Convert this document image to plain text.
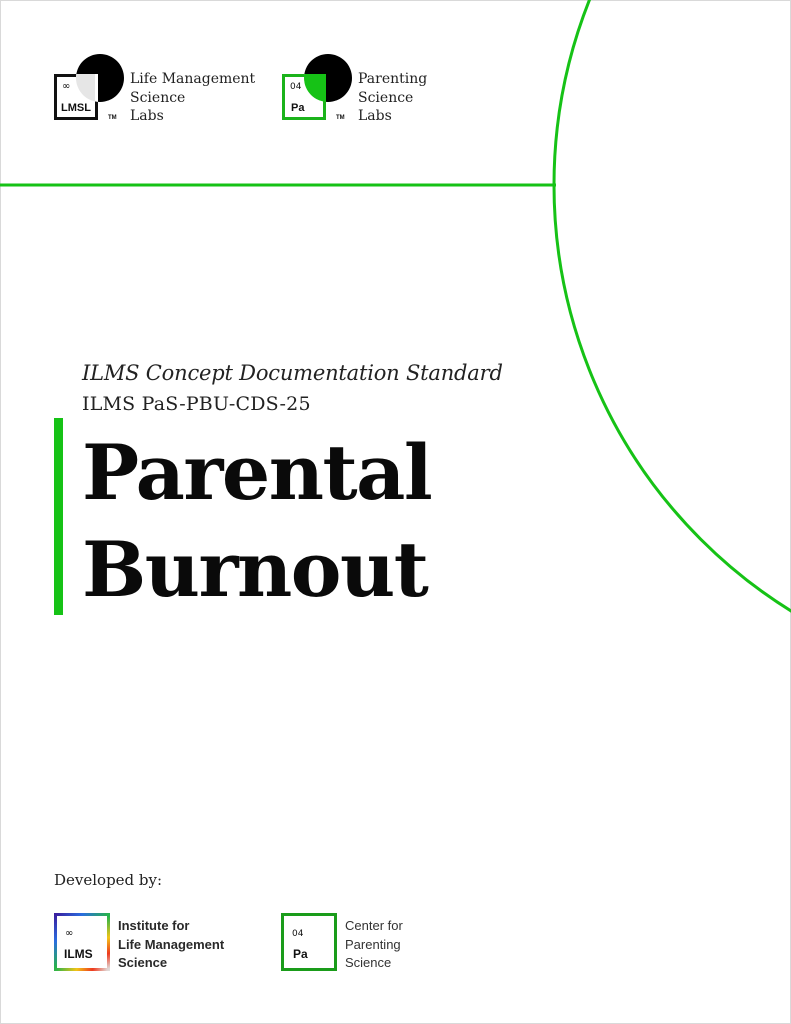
∞
LMSL
TM
Life Management
Science
Labs
04
Pa
TM
Parenting
Science
Labs
ILMS Concept Documentation Standard
ILMS PaS-PBU-CDS-25
Parental
Burnout
Developed by:
∞
ILMS
Institute for
Life Management
Science
04
Pa
Center for
Parenting
Science
